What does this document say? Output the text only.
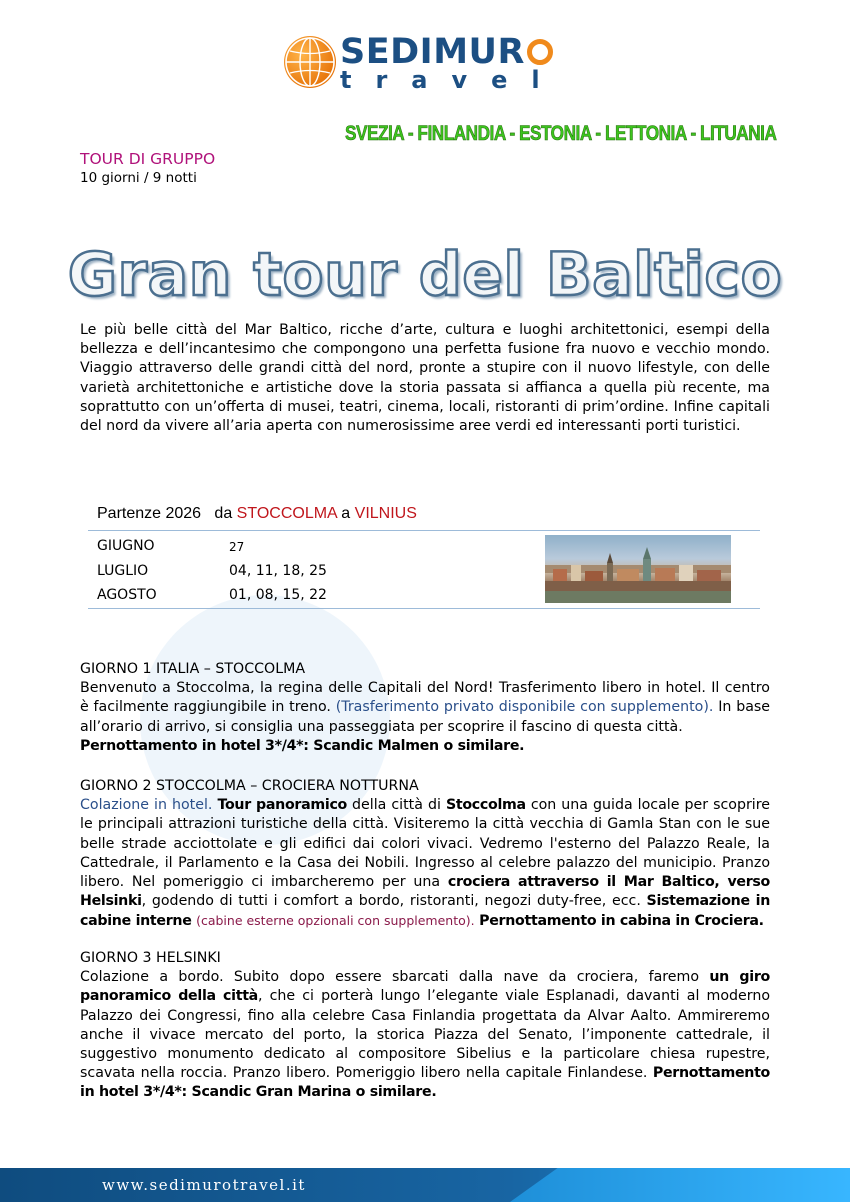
SEDIMUR
travel
SVEZIA - FINLANDIA - ESTONIA - LETTONIA - LITUANIA
TOUR DI GRUPPO
10 giorni / 9 notti
Gran tour del Baltico

Le più belle città del Mar Baltico, ricche d’arte, cultura e luoghi architettonici, esempi della bellezza e dell’incantesimo che compongono una perfetta fusione fra nuovo e vecchio mondo. Viaggio attraverso delle grandi città del nord, pronte a stupire con il nuovo lifestyle, con delle varietà architettoniche e artistiche dove la storia passata si affianca a quella più recente, ma soprattutto con un’offerta di musei, teatri, cinema, locali, ristoranti di prim’ordine. Infine capitali del nord da vivere all’aria aperta con numerosissime aree verdi ed interessanti porti turistici.

Partenze 2026 da STOCCOLMA a VILNIUS
GIUGNO	27
LUGLIO	04, 11, 18, 25
AGOSTO	01, 08, 15, 22
GIORNO 1 ITALIA – STOCCOLMA
Benvenuto a Stoccolma, la regina delle Capitali del Nord! Trasferimento libero in hotel. Il centro è facilmente raggiungibile in treno. (Trasferimento privato disponibile con supplemento). In base all’orario di arrivo, si consiglia una passeggiata per scoprire il fascino di questa città.
Pernottamento in hotel 3*/4*: Scandic Malmen o similare.
GIORNO 2 STOCCOLMA – CROCIERA NOTTURNA
Colazione in hotel. Tour panoramico della città di Stoccolma con una guida locale per scoprire le principali attrazioni turistiche della città. Visiteremo la città vecchia di Gamla Stan con le sue belle strade acciottolate e gli edifici dai colori vivaci. Vedremo l'esterno del Palazzo Reale, la Cattedrale, il Parlamento e la Casa dei Nobili. Ingresso al celebre palazzo del municipio. Pranzo libero. Nel pomeriggio ci imbarcheremo per una crociera attraverso il Mar Baltico, verso Helsinki, godendo di tutti i comfort a bordo, ristoranti, negozi duty-free, ecc. Sistemazione in cabine interne (cabine esterne opzionali con supplemento). Pernottamento in cabina in Crociera.
GIORNO 3 HELSINKI
Colazione a bordo. Subito dopo essere sbarcati dalla nave da crociera, faremo un giro panoramico della città, che ci porterà lungo l’elegante viale Esplanadi, davanti al moderno Palazzo dei Congressi, fino alla celebre Casa Finlandia progettata da Alvar Aalto. Ammireremo anche il vivace mercato del porto, la storica Piazza del Senato, l’imponente cattedrale, il suggestivo monumento dedicato al compositore Sibelius e la particolare chiesa rupestre, scavata nella roccia. Pranzo libero. Pomeriggio libero nella capitale Finlandese. Pernottamento in hotel 3*/4*: Scandic Gran Marina o similare.
www.sedimurotravel.it
